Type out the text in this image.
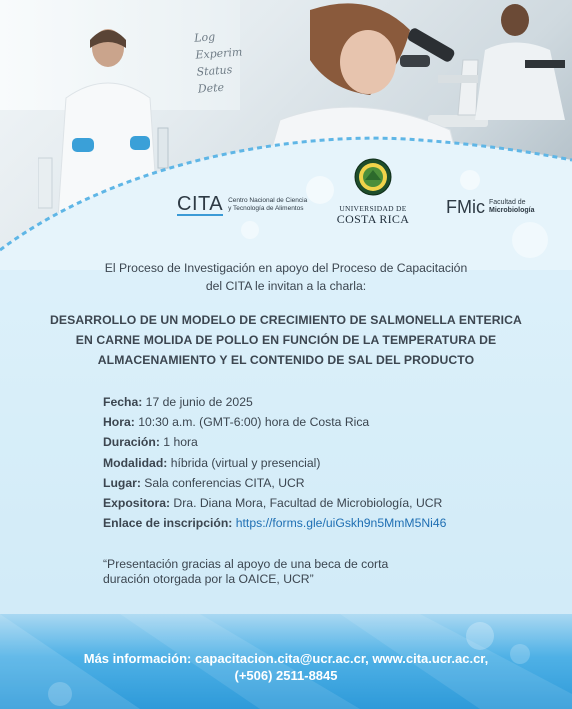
Log
Experim
Status
Dete
CITA Centro Nacional de Ciencia y Tecnología de Alimentos	UNIVERSIDAD DE
COSTA RICA
FMic Facultad de
Microbiología
El Proceso de Investigación en apoyo del Proceso de Capacitación
del CITA le invitan a la charla:
DESARROLLO DE UN MODELO DE CRECIMIENTO DE SALMONELLA ENTERICA
EN CARNE MOLIDA DE POLLO EN FUNCIÓN DE LA TEMPERATURA DE
ALMACENAMIENTO Y EL CONTENIDO DE SAL DEL PRODUCTO
Fecha: 17 de junio de 2025
Hora: 10:30 a.m. (GMT-6:00) hora de Costa Rica
Duración: 1 hora
Modalidad: híbrida (virtual y presencial)
Lugar: Sala conferencias CITA, UCR
Expositora: Dra. Diana Mora, Facultad de Microbiología, UCR
Enlace de inscripción: https://forms.gle/uiGskh9n5MmM5Ni46
“Presentación gracias al apoyo de una beca de corta
duración otorgada por la OAICE, UCR”
Más información: capacitacion.cita@ucr.ac.cr, www.cita.ucr.ac.cr,
(+506) 2511-8845
